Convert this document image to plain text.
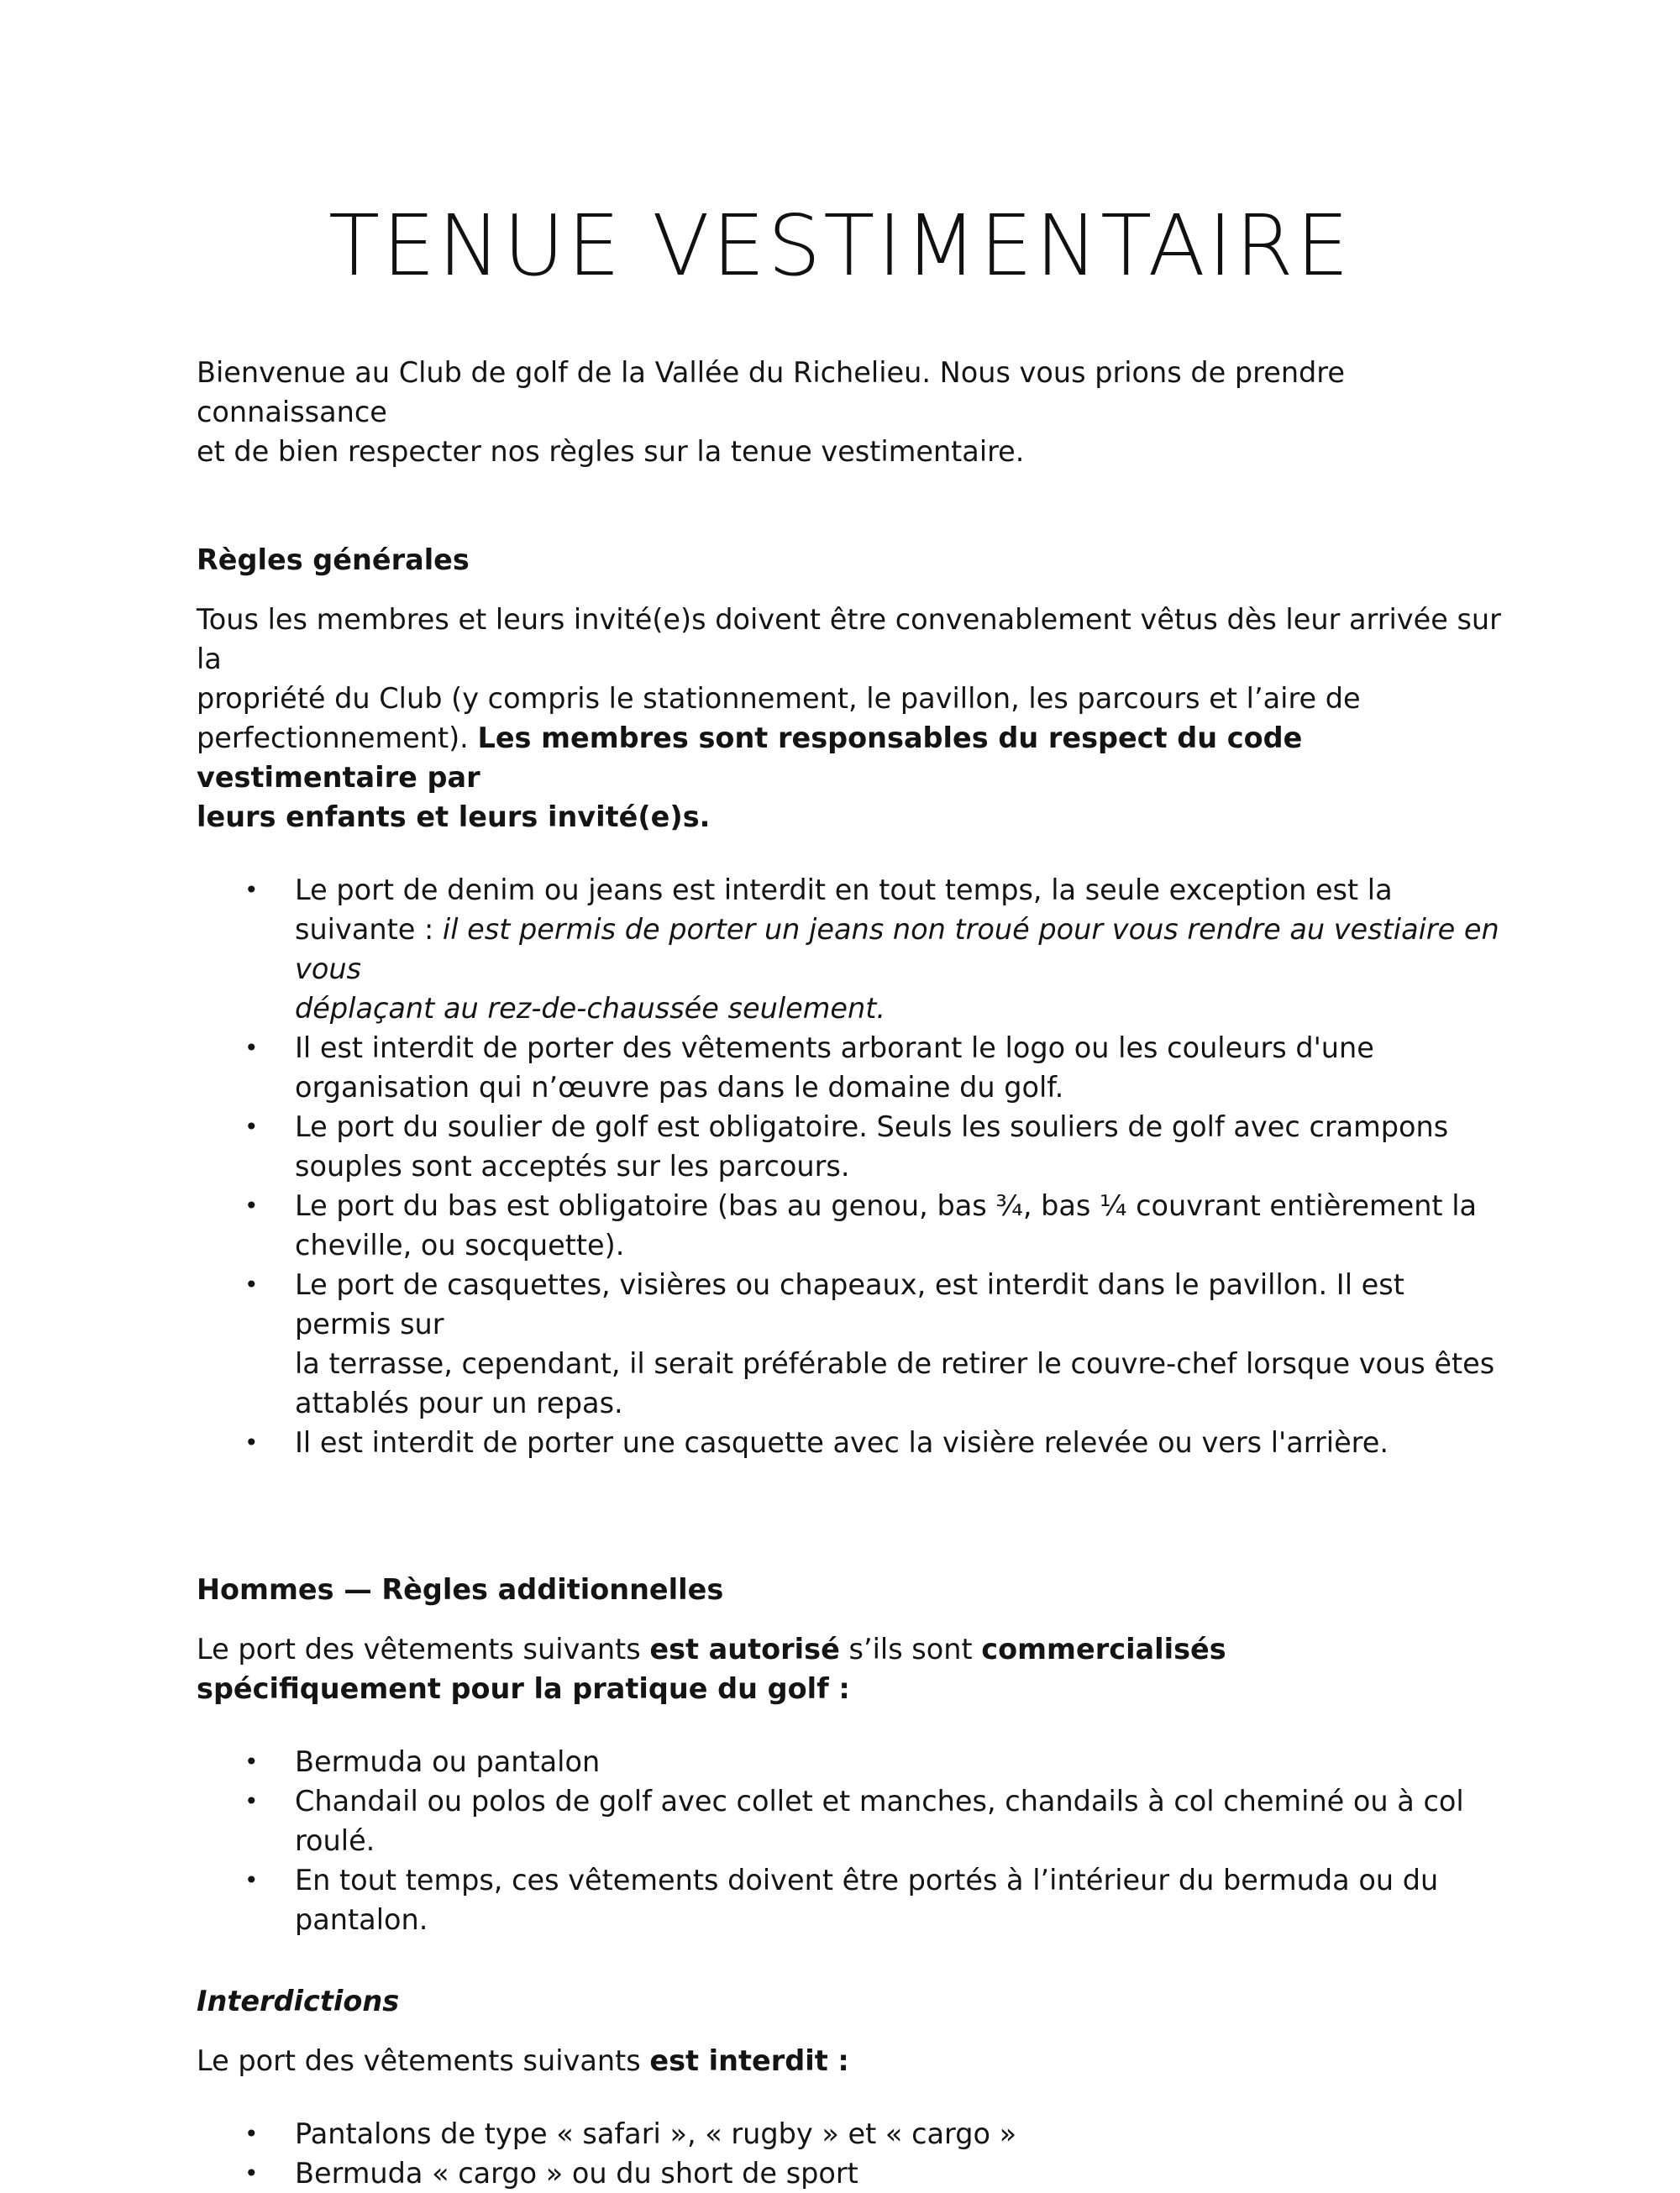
TENUE VESTIMENTAIRE

Bienvenue au Club de golf de la Vallée du Richelieu. Nous vous prions de prendre connaissance
et de bien respecter nos règles sur la tenue vestimentaire.

Règles générales

Tous les membres et leurs invité(e)s doivent être convenablement vêtus dès leur arrivée sur la
propriété du Club (y compris le stationnement, le pavillon, les parcours et l’aire de
perfectionnement). Les membres sont responsables du respect du code vestimentaire par
leurs enfants et leurs invité(e)s.

• Le port de denim ou jeans est interdit en tout temps, la seule exception est la
suivante : il est permis de porter un jeans non troué pour vous rendre au vestiaire en vous
déplaçant au rez-de-chaussée seulement.
• Il est interdit de porter des vêtements arborant le logo ou les couleurs d'une
organisation qui n’œuvre pas dans le domaine du golf.
• Le port du soulier de golf est obligatoire. Seuls les souliers de golf avec crampons
souples sont acceptés sur les parcours.
• Le port du bas est obligatoire (bas au genou, bas ¾, bas ¼ couvrant entièrement la
cheville, ou socquette).
• Le port de casquettes, visières ou chapeaux, est interdit dans le pavillon. Il est permis sur
la terrasse, cependant, il serait préférable de retirer le couvre-chef lorsque vous êtes
attablés pour un repas.
• Il est interdit de porter une casquette avec la visière relevée ou vers l'arrière.

Hommes — Règles additionnelles

Le port des vêtements suivants est autorisé s’ils sont commercialisés
spécifiquement pour la pratique du golf :

• Bermuda ou pantalon
• Chandail ou polos de golf avec collet et manches, chandails à col cheminé ou à col roulé.
• En tout temps, ces vêtements doivent être portés à l’intérieur du bermuda ou du
pantalon.

Interdictions

Le port des vêtements suivants est interdit :

• Pantalons de type « safari », « rugby » et « cargo »
• Bermuda « cargo » ou du short de sport
